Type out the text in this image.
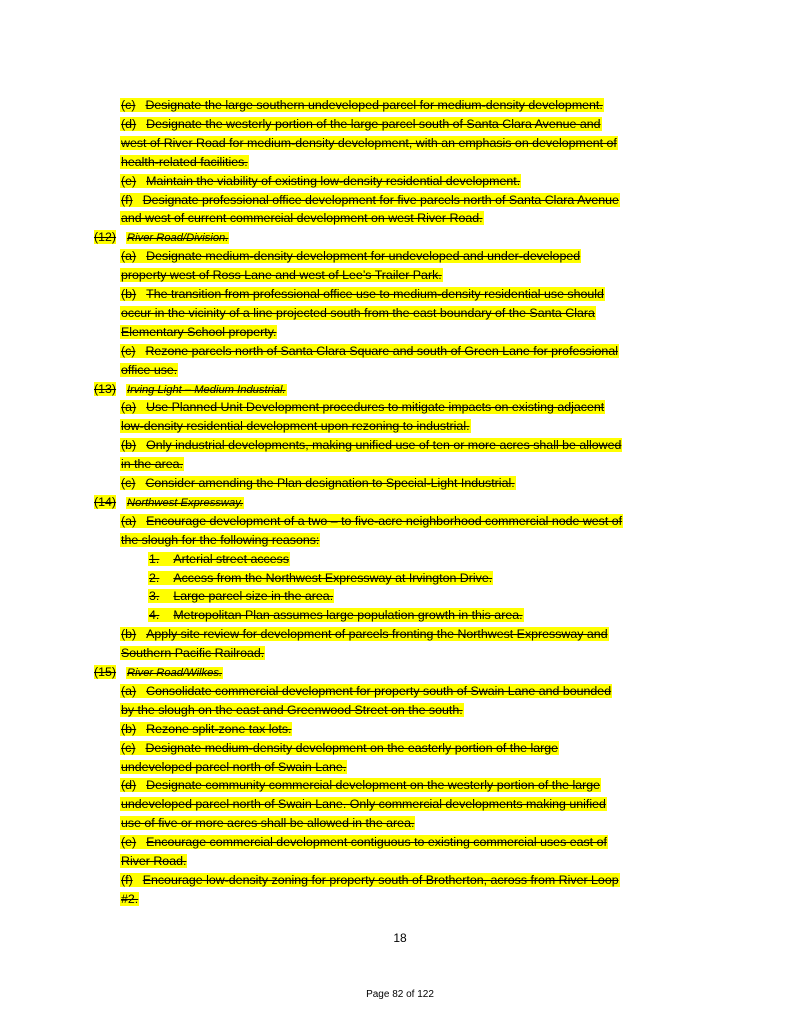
(c) Designate the large southern undeveloped parcel for medium-density development.
(d) Designate the westerly portion of the large parcel south of Santa Clara Avenue and
west of River Road for medium-density development, with an emphasis on development of
health-related facilities.
(e) Maintain the viability of existing low-density residential development.
(f) Designate professional office development for five parcels north of Santa Clara Avenue
and west of current commercial development on west River Road.
(12) River Road/Division.
(a) Designate medium-density development for undeveloped and under-developed
property west of Ross Lane and west of Lee’s Trailer Park.
(b) The transition from professional office use to medium-density residential use should
occur in the vicinity of a line projected south from the east boundary of the Santa Clara
Elementary School property.
(c) Rezone parcels north of Santa Clara Square and south of Green Lane for professional
office use.
(13) Irving Light – Medium Industrial.
(a) Use Planned Unit Development procedures to mitigate impacts on existing adjacent
low-density residential development upon rezoning to industrial.
(b) Only industrial developments, making unified use of ten or more acres shall be allowed
in the area.
(c) Consider amending the Plan designation to Special-Light Industrial.
(14) Northwest Expressway.
(a) Encourage development of a two – to five-acre neighborhood commercial node west of
the slough for the following reasons:
1. Arterial street access
2. Access from the Northwest Expressway at Irvington Drive.
3. Large parcel size in the area.
4. Metropolitan Plan assumes large population growth in this area.
(b) Apply site review for development of parcels fronting the Northwest Expressway and
Southern Pacific Railroad.
(15) River Road/Wilkes.
(a) Consolidate commercial development for property south of Swain Lane and bounded
by the slough on the east and Greenwood Street on the south.
(b) Rezone split-zone tax lots.
(c) Designate medium-density development on the easterly portion of the large
undeveloped parcel north of Swain Lane.
(d) Designate community commercial development on the westerly portion of the large
undeveloped parcel north of Swain Lane. Only commercial developments making unified
use of five or more acres shall be allowed in the area.
(e) Encourage commercial development contiguous to existing commercial uses east of
River Road.
(f) Encourage low-density zoning for property south of Brotherton, across from River Loop
#2.
18
Page 82 of 122
